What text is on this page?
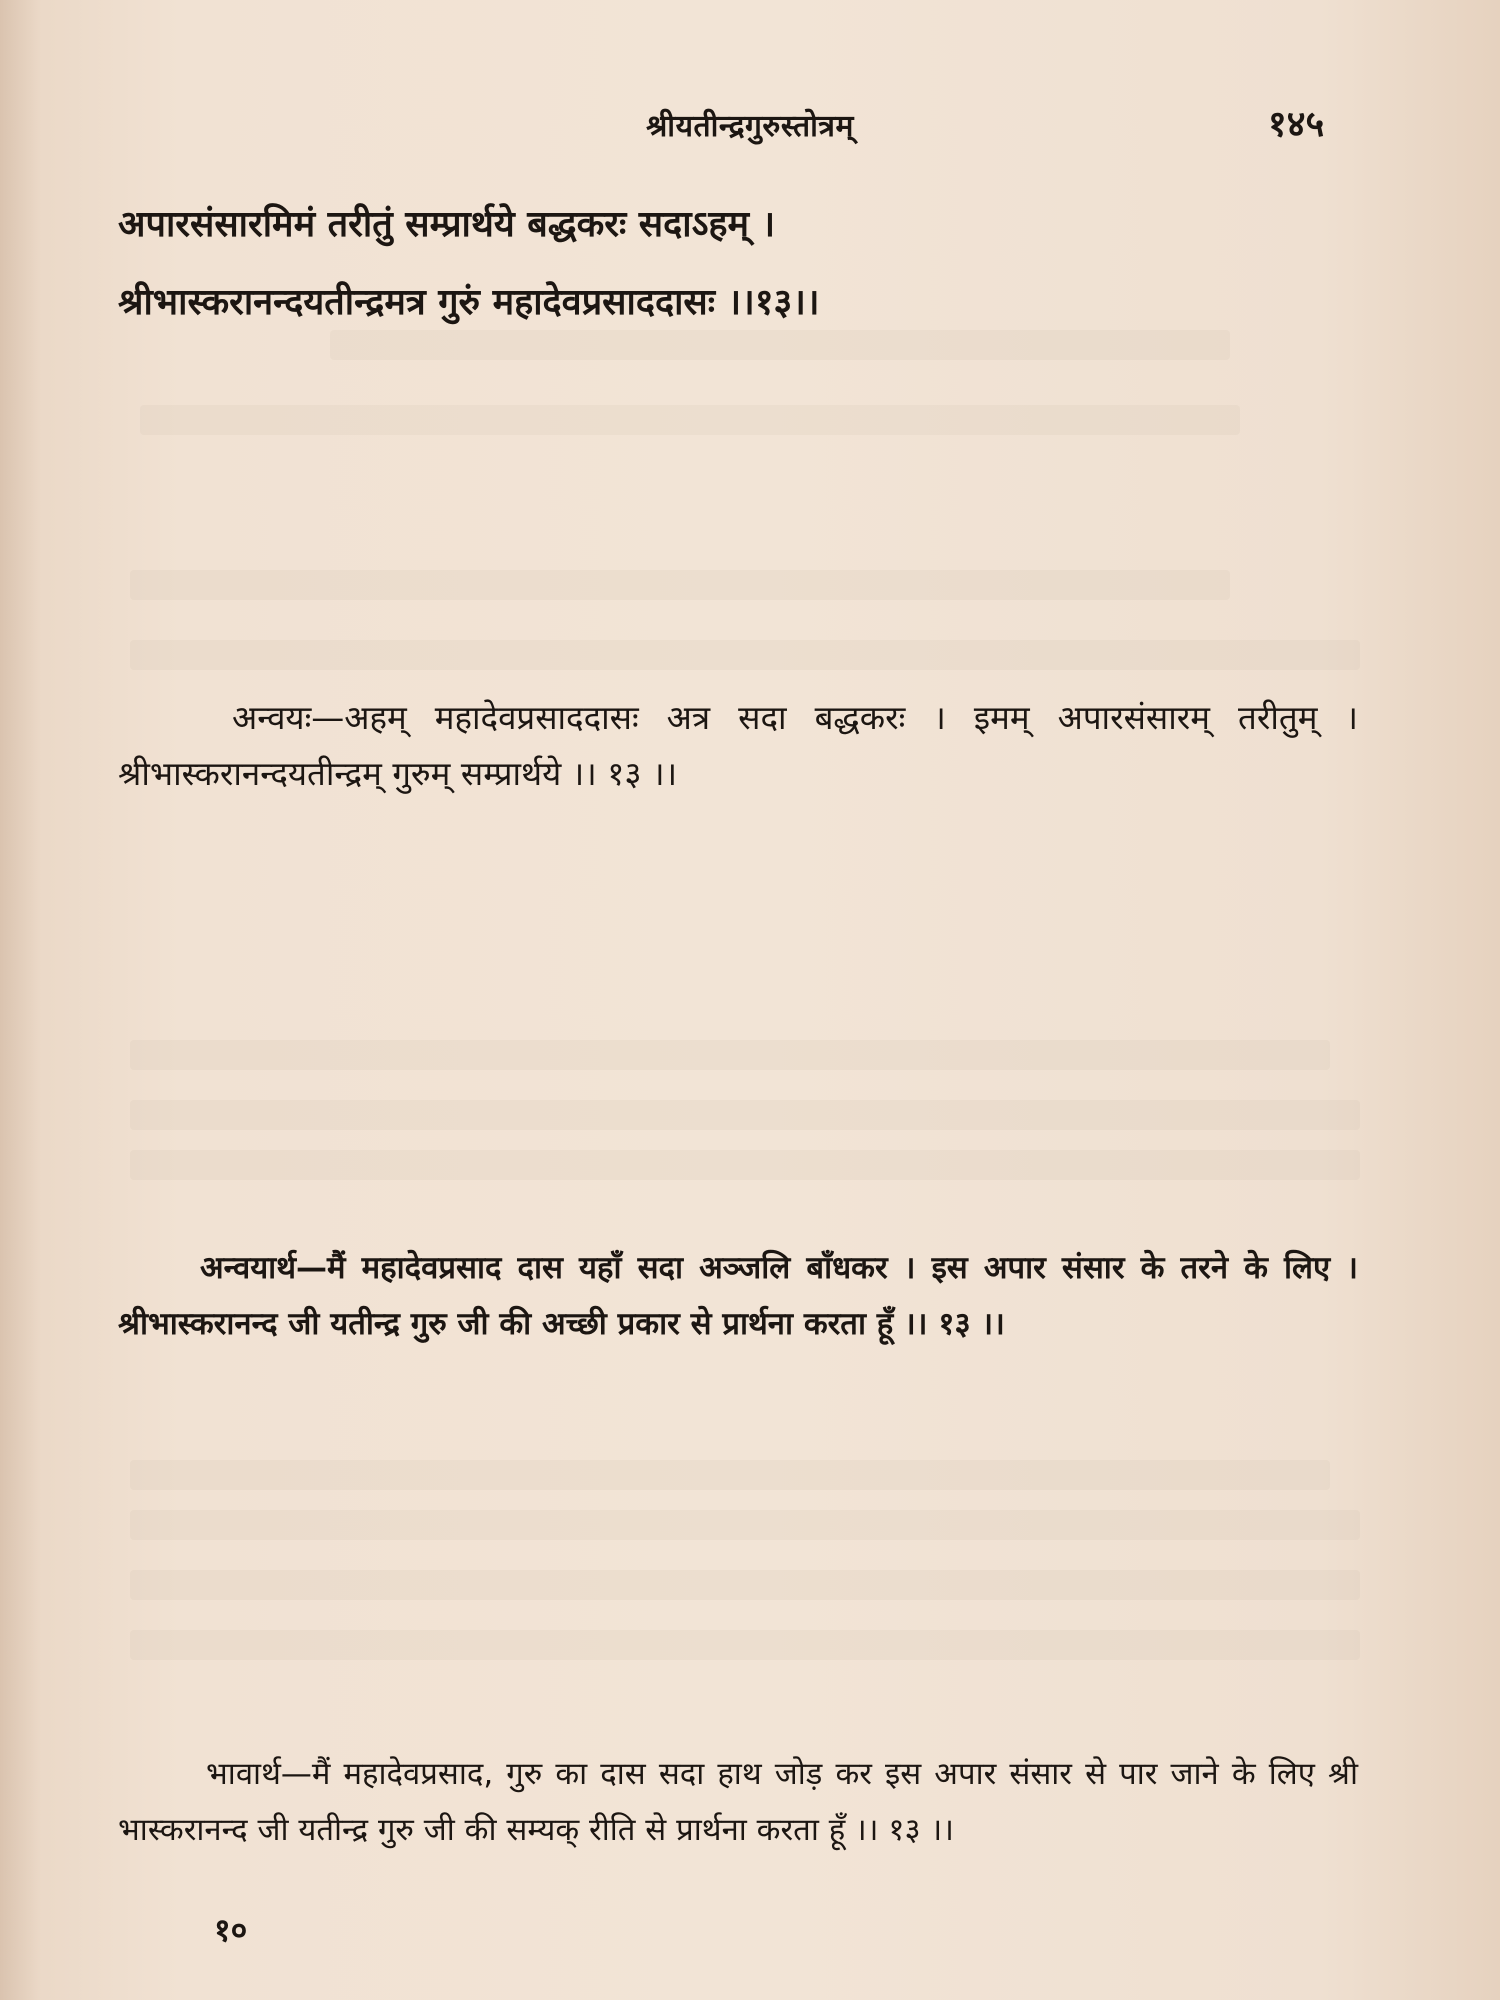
श्रीयतीन्द्रगुरुस्तोत्रम्	१४५
अपारसंसारमिमं तरीतुं सम्प्रार्थये बद्धकरः सदाऽहम् ।
श्रीभास्करानन्दयतीन्द्रमत्र गुरुं महादेवप्रसाददासः ।।१३।।

अन्वयः—अहम् महादेवप्रसाददासः अत्र सदा बद्धकरः । इमम् अपारसंसारम् तरीतुम् । श्रीभास्करानन्दयतीन्द्रम् गुरुम् सम्प्रार्थये ।। १३ ।।

अन्वयार्थ—मैं महादेवप्रसाद दास यहाँ सदा अञ्जलि बाँधकर । इस अपार संसार के तरने के लिए । श्रीभास्करानन्द जी यतीन्द्र गुरु जी की अच्छी प्रकार से प्रार्थना करता हूँ ।। १३ ।।

भावार्थ—मैं महादेवप्रसाद, गुरु का दास सदा हाथ जोड़ कर इस अपार संसार से पार जाने के लिए श्री भास्करानन्द जी यतीन्द्र गुरु जी की सम्यक् रीति से प्रार्थना करता हूँ ।। १३ ।।

१०
